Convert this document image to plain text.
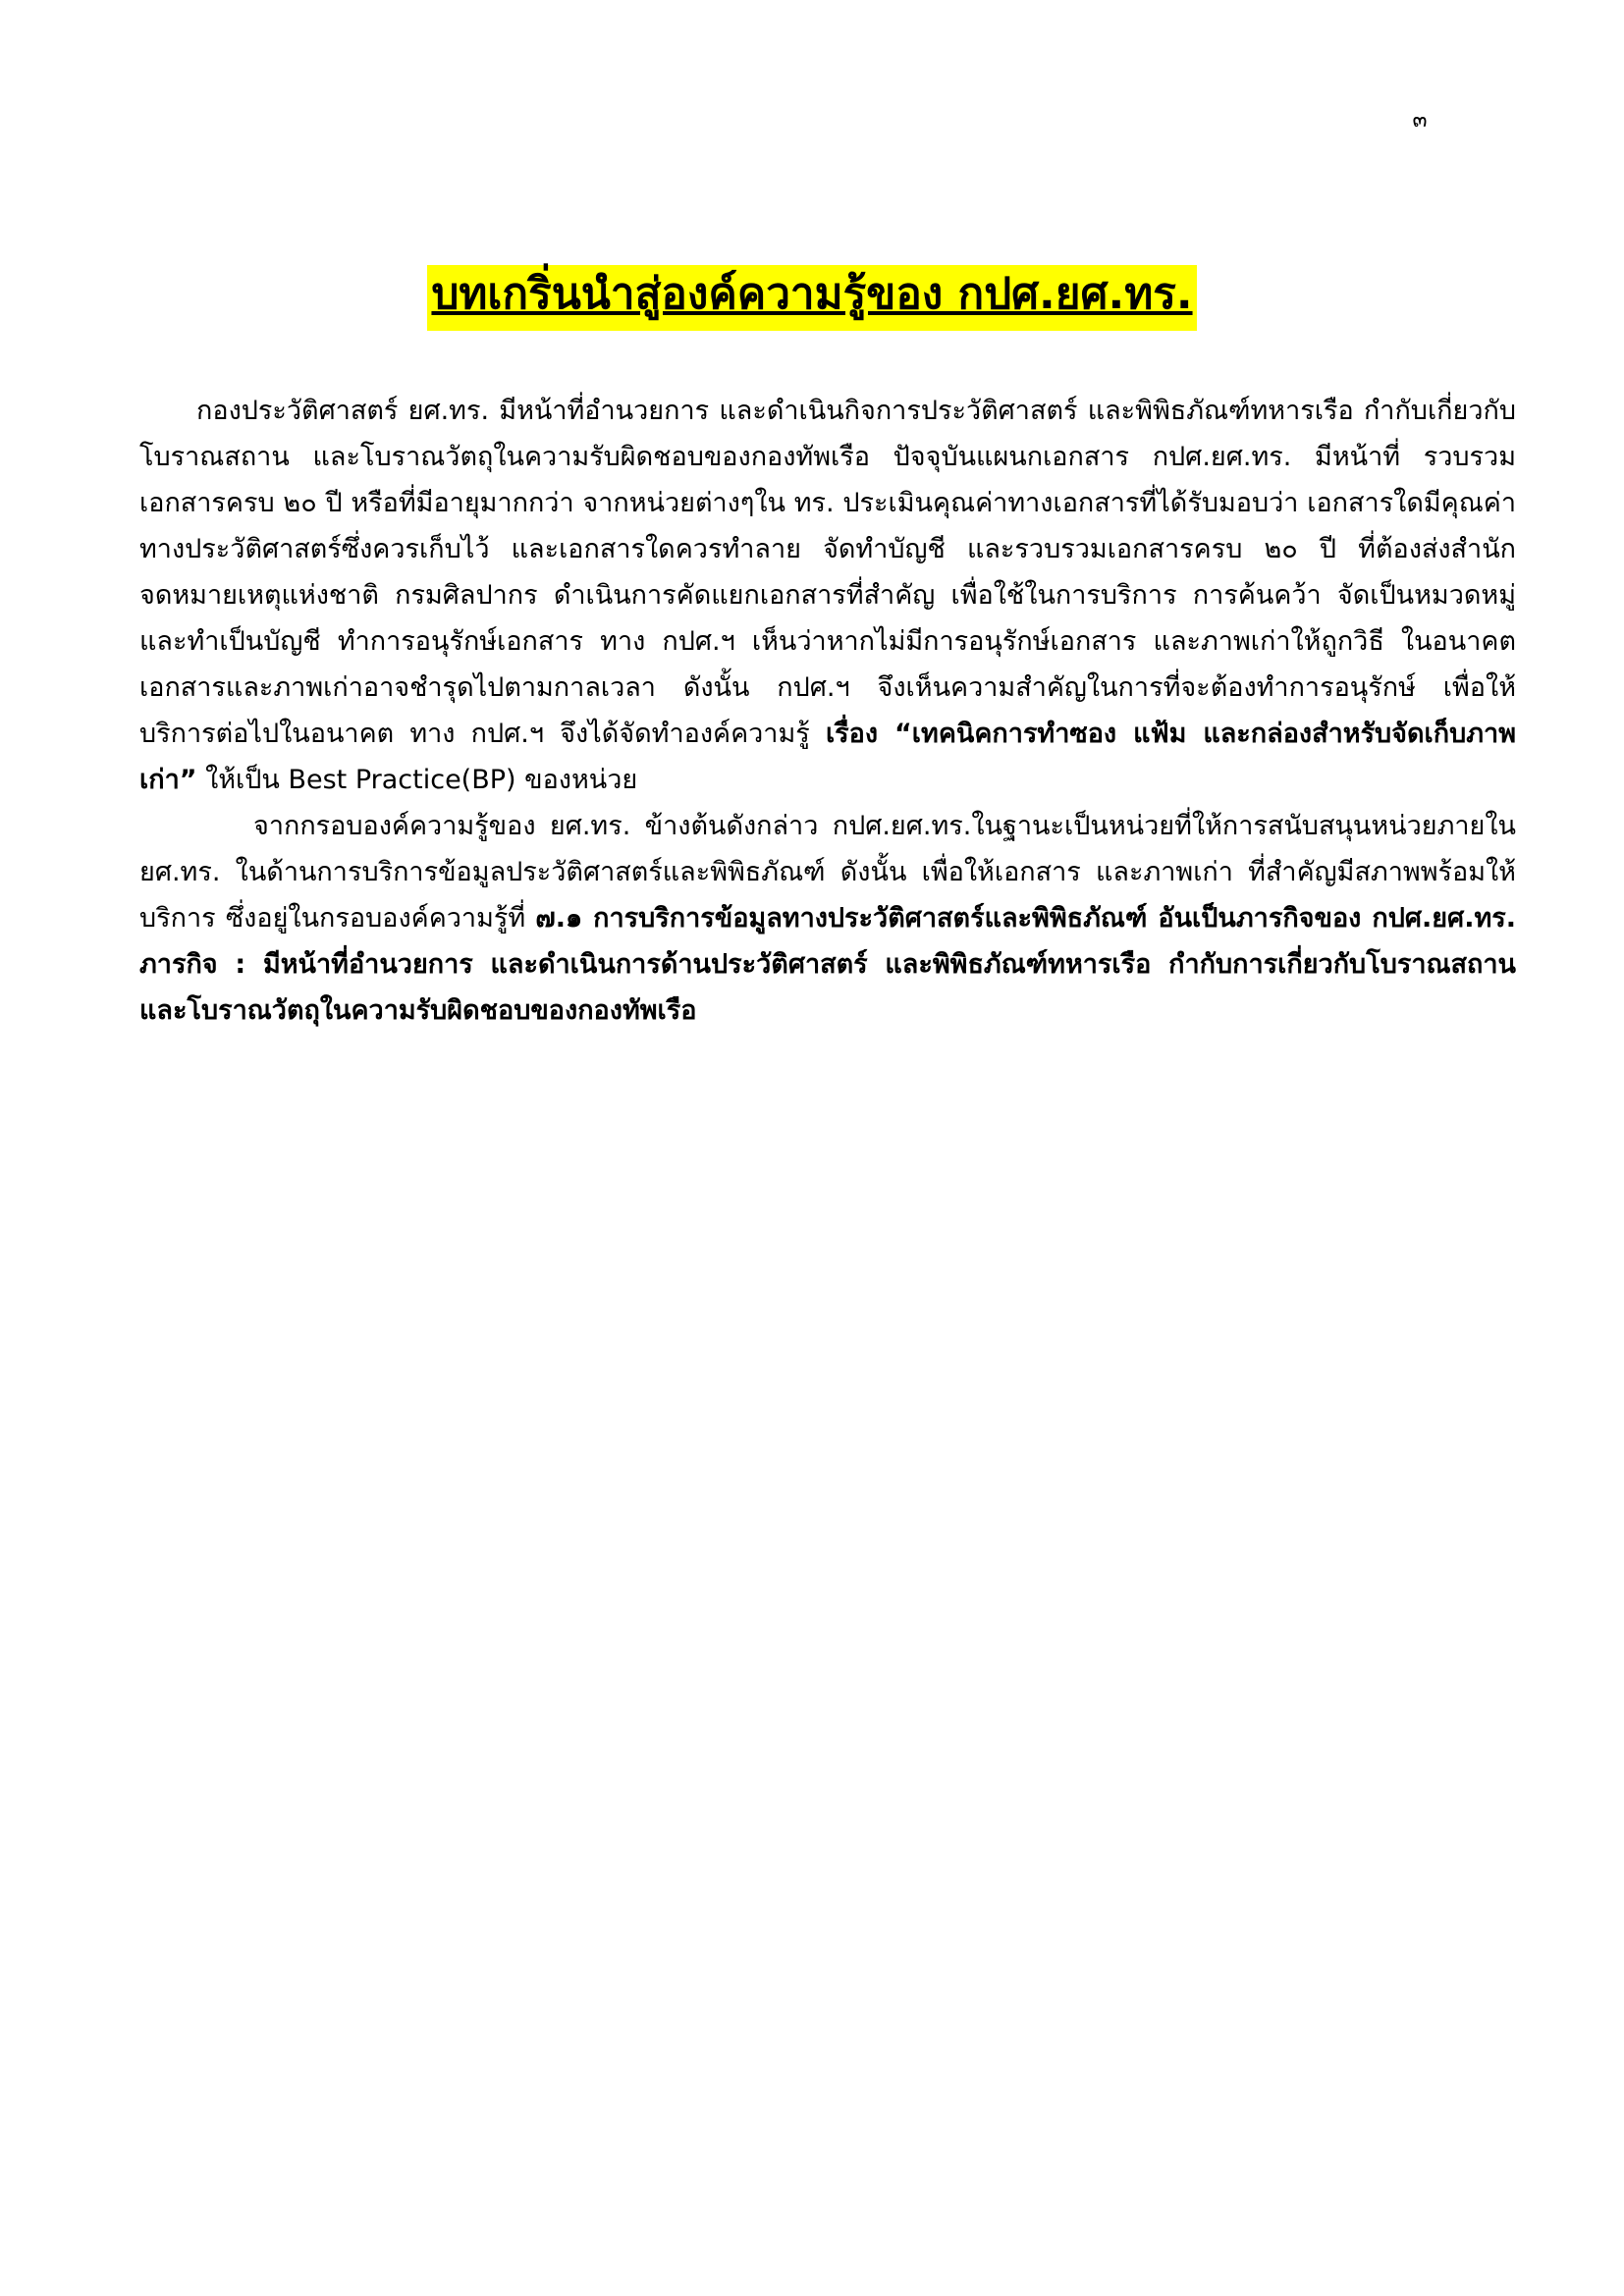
๓
บทเกริ่นนำสู่องค์ความรู้ของ กปศ.ยศ.ทร.

กองประวัติศาสตร์ ยศ.ทร. มีหน้าที่อำนวยการ และดำเนินกิจการประวัติศาสตร์ และพิพิธภัณฑ์ทหารเรือ กำกับเกี่ยวกับโบราณสถาน และโบราณวัตถุในความรับผิดชอบของกองทัพเรือ ปัจจุบันแผนกเอกสาร กปศ.ยศ.ทร. มีหน้าที่ รวบรวมเอกสารครบ ๒๐ ปี หรือที่มีอายุมากกว่า จากหน่วยต่างๆใน ทร. ประเมินคุณค่าทางเอกสารที่ได้รับมอบว่า เอกสารใดมีคุณค่าทางประวัติศาสตร์ซึ่งควรเก็บไว้ และเอกสารใดควรทำลาย จัดทำบัญชี และรวบรวมเอกสารครบ ๒๐ ปี ที่ต้องส่งสำนักจดหมายเหตุแห่งชาติ กรมศิลปากร ดำเนินการคัดแยกเอกสารที่สำคัญ เพื่อใช้ในการบริการ การค้นคว้า จัดเป็นหมวดหมู่ และทำเป็นบัญชี ทำการอนุรักษ์เอกสาร ทาง กปศ.ฯ เห็นว่าหากไม่มีการอนุรักษ์เอกสาร และภาพเก่าให้ถูกวิธี ในอนาคตเอกสารและภาพเก่าอาจชำรุดไปตามกาลเวลา ดังนั้น กปศ.ฯ จึงเห็นความสำคัญในการที่จะต้องทำการอนุรักษ์ เพื่อให้บริการต่อไปในอนาคต ทาง กปศ.ฯ จึงได้จัดทำองค์ความรู้ เรื่อง “เทคนิคการทำซอง แฟ้ม และกล่องสำหรับจัดเก็บภาพเก่า” ให้เป็น Best Practice(BP) ของหน่วย

จากกรอบองค์ความรู้ของ ยศ.ทร. ข้างต้นดังกล่าว กปศ.ยศ.ทร.ในฐานะเป็นหน่วยที่ให้การสนับสนุนหน่วยภายใน ยศ.ทร. ในด้านการบริการข้อมูลประวัติศาสตร์และพิพิธภัณฑ์ ดังนั้น เพื่อให้เอกสาร และภาพเก่า ที่สำคัญมีสภาพพร้อมให้บริการ ซึ่งอยู่ในกรอบองค์ความรู้ที่ ๗.๑ การบริการข้อมูลทางประวัติศาสตร์และพิพิธภัณฑ์ อันเป็นภารกิจของ กปศ.ยศ.ทร. ภารกิจ : มีหน้าที่อำนวยการ และดำเนินการด้านประวัติศาสตร์ และพิพิธภัณฑ์ทหารเรือ กำกับการเกี่ยวกับโบราณสถาน และโบราณวัตถุในความรับผิดชอบของกองทัพเรือ
